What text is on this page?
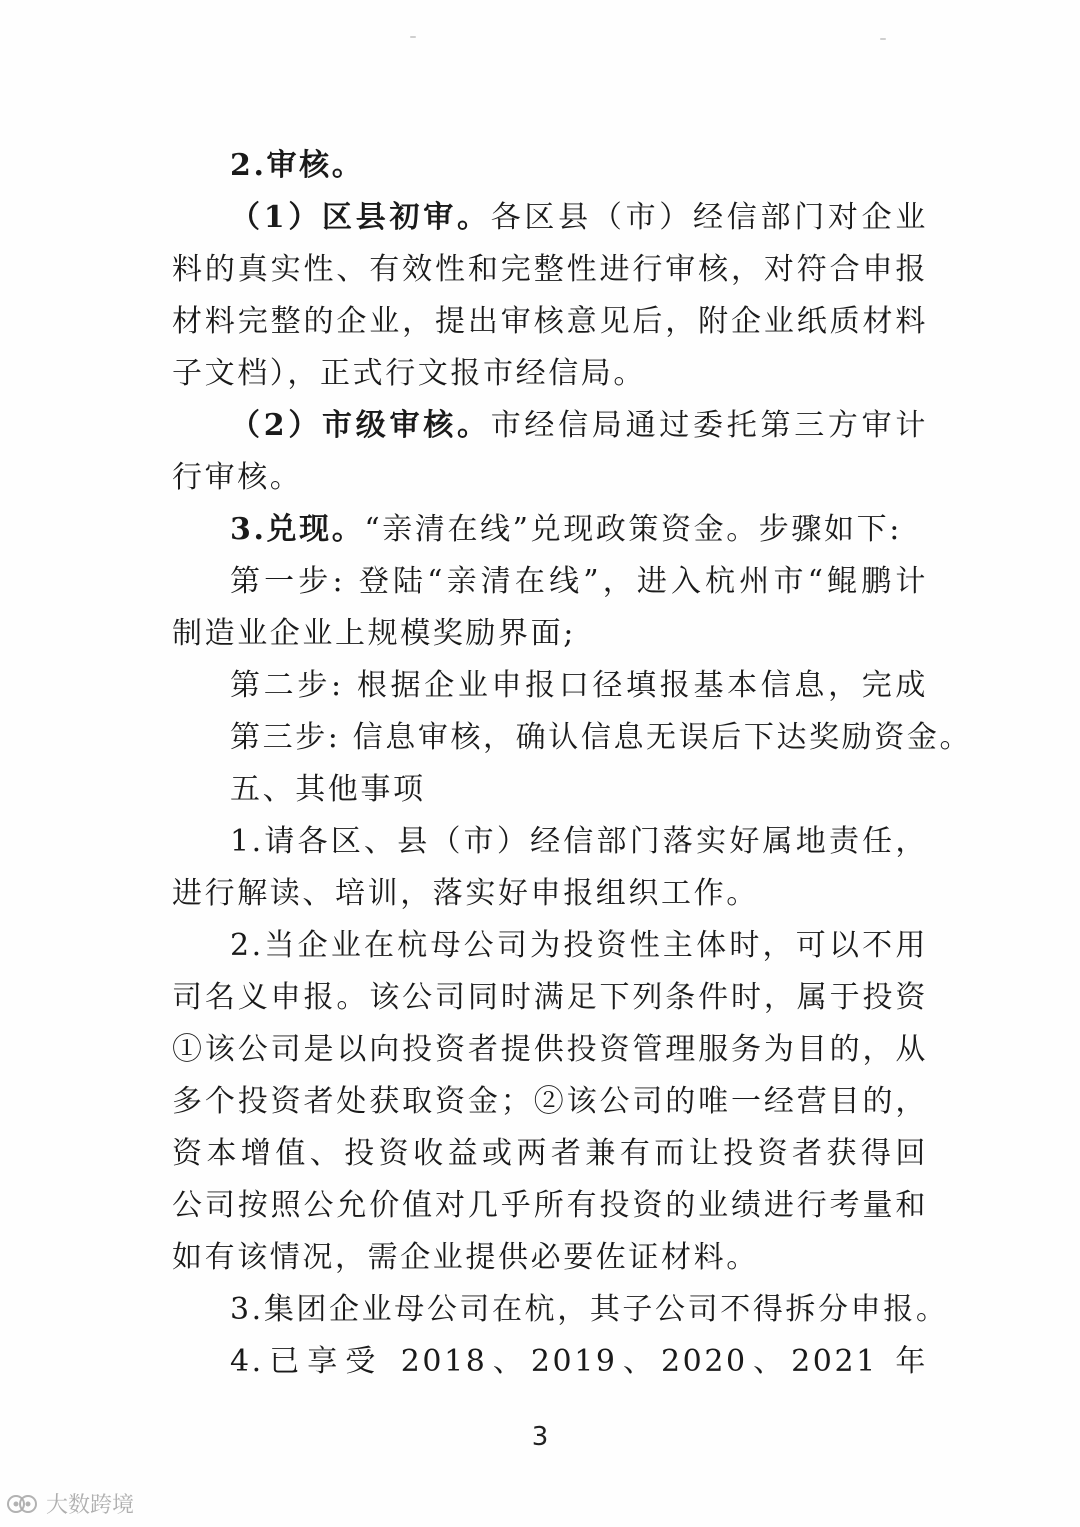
2.审核。
（1）区县初审。各区县（市）经信部门对企业
料的真实性、有效性和完整性进行审核，对符合申报
材料完整的企业，提出审核意见后，附企业纸质材料
子文档），正式行文报市经信局。
（2）市级审核。市经信局通过委托第三方审计
行审核。
3.兑现。“亲清在线”兑现政策资金。步骤如下:
第一步: 登陆“亲清在线”，进入杭州市“鲲鹏计
制造业企业上规模奖励界面;
第二步: 根据企业申报口径填报基本信息，完成
第三步: 信息审核，确认信息无误后下达奖励资金。
五、其他事项
1.请各区、县（市）经信部门落实好属地责任，
进行解读、培训，落实好申报组织工作。
2.当企业在杭母公司为投资性主体时，可以不用
司名义申报。该公司同时满足下列条件时，属于投资
①该公司是以向投资者提供投资管理服务为目的，从
多个投资者处获取资金；②该公司的唯一经营目的，
资本增值、投资收益或两者兼有而让投资者获得回
公司按照公允价值对几乎所有投资的业绩进行考量和
如有该情况，需企业提供必要佐证材料。
3.集团企业母公司在杭，其子公司不得拆分申报。
4.已享受 2018、2019、2020、2021 年
3
大数跨境
